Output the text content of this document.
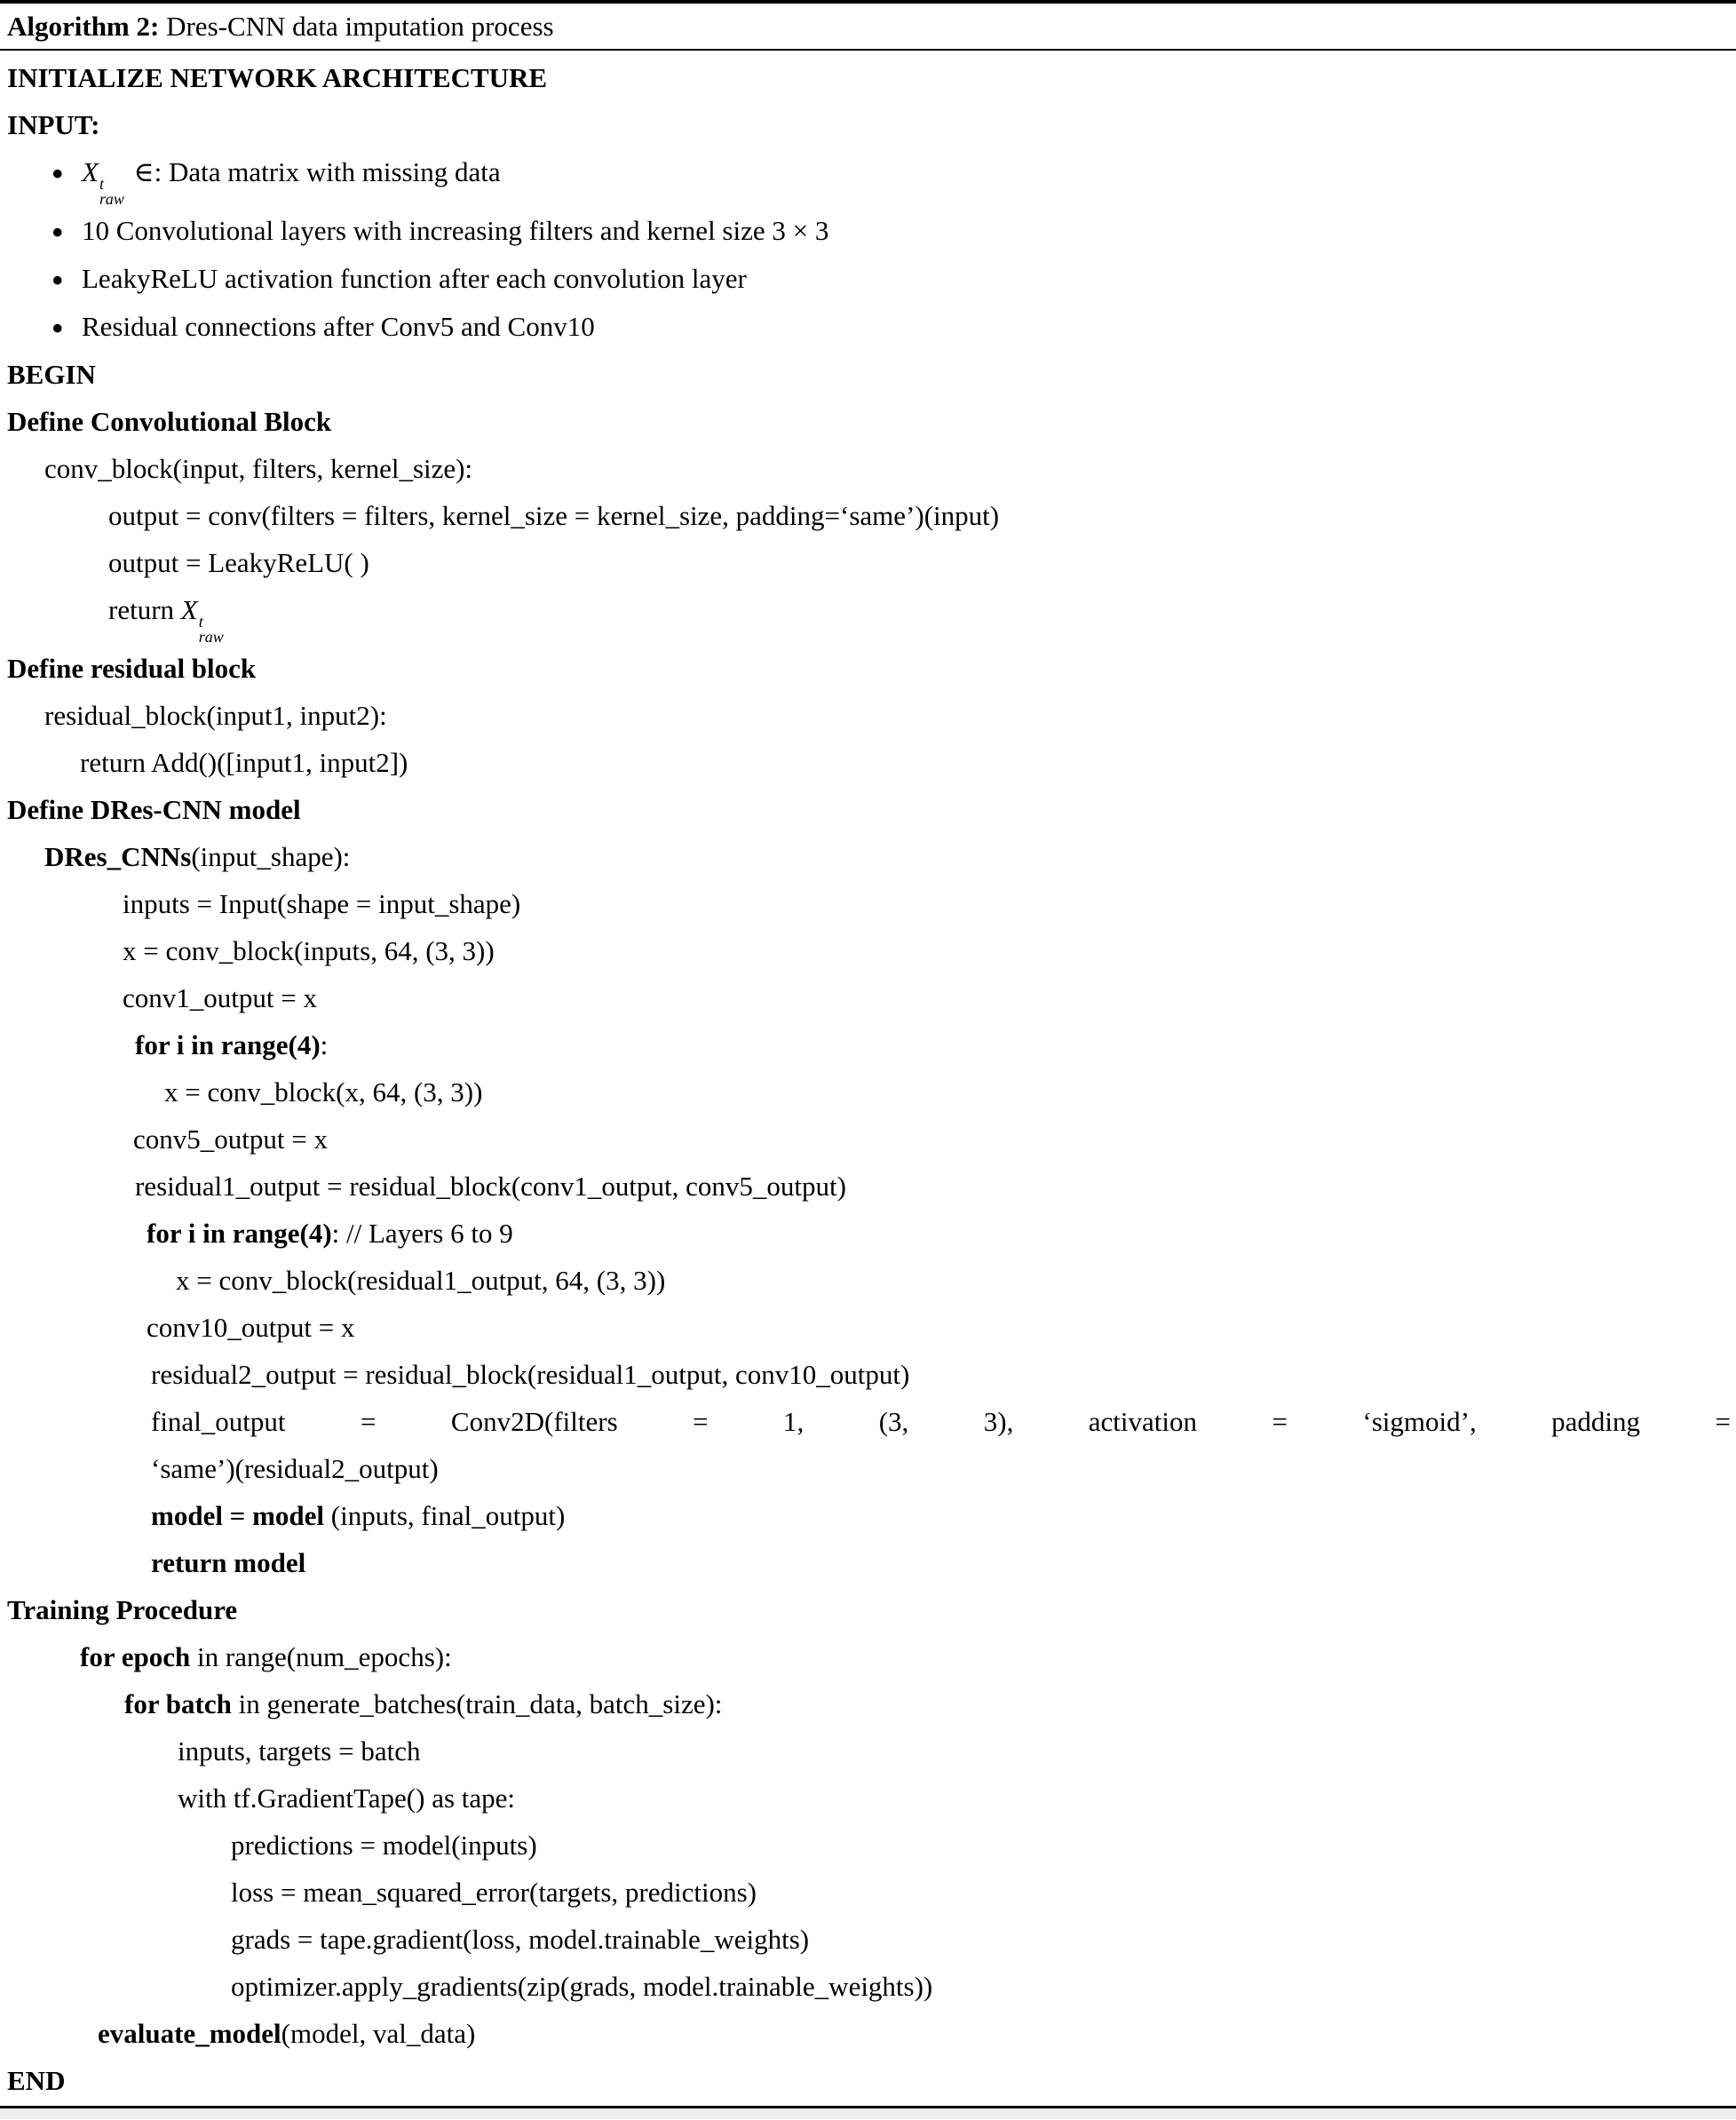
Algorithm 2: Dres-CNN data imputation process
INITIALIZE NETWORK ARCHITECTURE
INPUT:
● X t
raw
∈: Data matrix with missing data
● 10 Convolutional layers with increasing filters and kernel size 3 × 3
● LeakyReLU activation function after each convolution layer
● Residual connections after Conv5 and Conv10
BEGIN
Define Convolutional Block
conv_block(input, filters, kernel_size):
output = conv(filters = filters, kernel_size = kernel_size, padding=‘same’)(input)
output = LeakyReLU( )
return X t
raw
Define residual block
residual_block(input1, input2):
return Add()([input1, input2])
Define DRes-CNN model
DRes_CNNs(input_shape):
inputs = Input(shape = input_shape)
x = conv_block(inputs, 64, (3, 3))
conv1_output = x
for i in range(4):
x = conv_block(x, 64, (3, 3))
conv5_output = x
residual1_output = residual_block(conv1_output, conv5_output)
for i in range(4): // Layers 6 to 9
x = conv_block(residual1_output, 64, (3, 3))
conv10_output = x
residual2_output = residual_block(residual1_output, conv10_output)
final_output = Conv2D(filters = 1, (3, 3), activation = ‘sigmoid’, padding =
‘same’)(residual2_output)
model = model (inputs, final_output)
return model
Training Procedure
for epoch in range(num_epochs):
for batch in generate_batches(train_data, batch_size):
inputs, targets = batch
with tf.GradientTape() as tape:
predictions = model(inputs)
loss = mean_squared_error(targets, predictions)
grads = tape.gradient(loss, model.trainable_weights)
optimizer.apply_gradients(zip(grads, model.trainable_weights))
evaluate_model(model, val_data)
END
